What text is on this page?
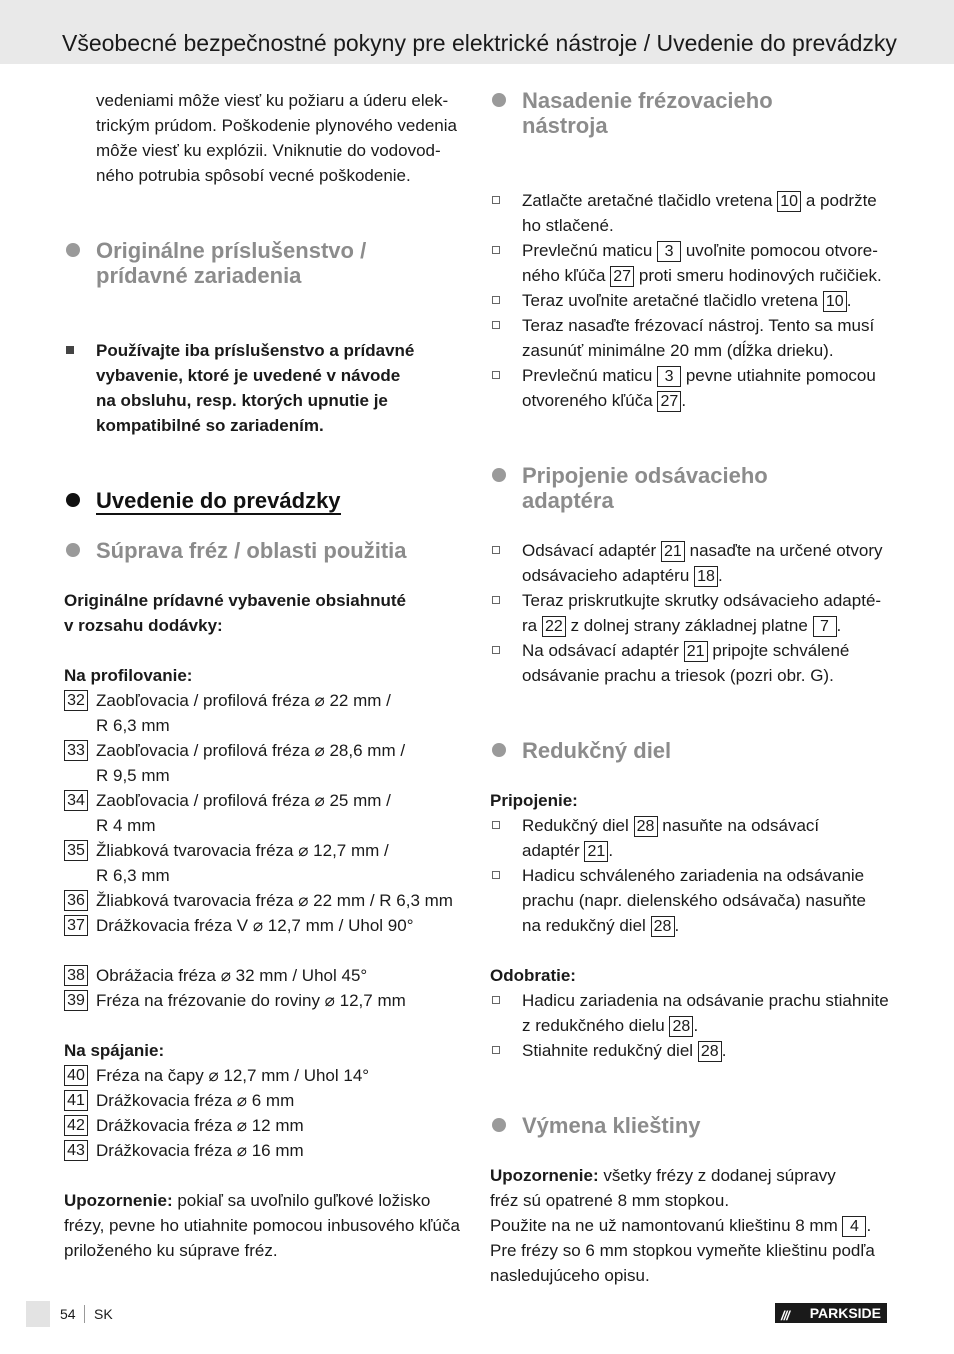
Všeobecné bezpečnostné pokyny pre elektrické nástroje / Uvedenie do prevádzky
vedeniami môže viesť ku požiaru a úderu elek-
trickým prúdom. Poškodenie plynového vedenia
môže viesť ku explózii. Vniknutie do vodovod-
ného potrubia spôsobí vecné poškodenie.
Originálne príslušenstvo /
prídavné zariadenia
Používajte iba príslušenstvo a prídavné
vybavenie, ktoré je uvedené v návode
na obsluhu, resp. ktorých upnutie je
kompatibilné so zariadením.
Uvedenie do prevádzky
Súprava fréz / oblasti použitia
Originálne prídavné vybavenie obsiahnuté
v rozsahu dodávky:
Na profilovanie:
32 Zaobľovacia / profilová fréza ⌀ 22 mm /
R 6,3 mm
33 Zaobľovacia / profilová fréza ⌀ 28,6 mm /
R 9,5 mm
34 Zaobľovacia / profilová fréza ⌀ 25 mm /
R 4 mm
35 Žliabková tvarovacia fréza ⌀ 12,7 mm /
R 6,3 mm
36 Žliabková tvarovacia fréza ⌀ 22 mm / R 6,3 mm
37 Drážkovacia fréza V ⌀ 12,7 mm / Uhol 90°
38 Obrážacia fréza ⌀ 32 mm / Uhol 45°
39 Fréza na frézovanie do roviny ⌀ 12,7 mm
Na spájanie:
40 Fréza na čapy ⌀ 12,7 mm / Uhol 14°
41 Drážkovacia fréza ⌀ 6 mm
42 Drážkovacia fréza ⌀ 12 mm
43 Drážkovacia fréza ⌀ 16 mm
Upozornenie: pokiaľ sa uvoľnilo guľkové ložisko
frézy, pevne ho utiahnite pomocou inbusového kľúča
priloženého ku súprave fréz.
Nasadenie frézovacieho
nástroja
Zatlačte aretačné tlačidlo vretena 10 a podržte
ho stlačené.
Prevlečnú maticu 3 uvoľnite pomocou otvore-
ného kľúča 27 proti smeru hodinových ručičiek.
Teraz uvoľnite aretačné tlačidlo vretena 10 .
Teraz nasaďte frézovací nástroj. Tento sa musí
zasunúť minimálne 20 mm (dĺžka drieku).
Prevlečnú maticu 3 pevne utiahnite pomocou
otvoreného kľúča 27 .
Pripojenie odsávacieho
adaptéra
Odsávací adaptér 21 nasaďte na určené otvory
odsávacieho adaptéru 18 .
Teraz priskrutkujte skrutky odsávacieho adapté-
ra 22 z dolnej strany základnej platne 7 .
Na odsávací adaptér 21 pripojte schválené
odsávanie prachu a triesok (pozri obr. G).
Redukčný diel
Pripojenie:
Redukčný diel 28 nasuňte na odsávací
adaptér 21 .
Hadicu schváleného zariadenia na odsávanie
prachu (napr. dielenského odsávača) nasuňte
na redukčný diel 28 .
Odobratie:
Hadicu zariadenia na odsávanie prachu stiahnite
z redukčného dielu 28 .
Stiahnite redukčný diel 28 .
Výmena klieštiny
Upozornenie: všetky frézy z dodanej súpravy
fréz sú opatrené 8 mm stopkou.
Použite na ne už namontovanú klieštinu 8 mm 4 .
Pre frézy so 6 mm stopkou vymeňte klieštinu podľa
nasledujúceho opisu.
54 SK	/// PARKSIDE
